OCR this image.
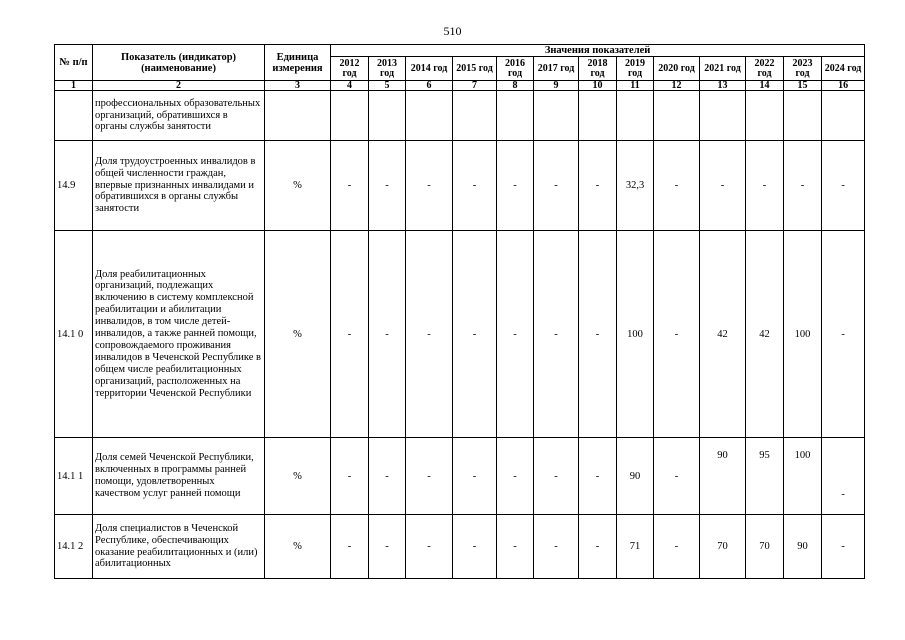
510
№ п/п	Показатель (индикатор) (наименование)	Единица измерения	Значения показателей												
			2012 год	2013 год	2014 год	2015 год	2016 год	2017 год	2018 год	2019 год	2020 год	2021 год	2022 год	2023 год	2024 год
1	2	3	4	5	6	7	8	9	10	11	12	13	14	15	16
	профессиональных образовательных организаций, обратившихся в органы службы занятости														
14.9	Доля трудоустроенных инвалидов в общей численности граждан, впервые признанных инвалидами и обратившихся в органы службы занятости	%	-	-	-	-	-	-	-	32,3	-	-	-	-	-
14.1 0	Доля реабилитационных организаций, подлежащих включению в систему комплексной реабилитации и абилитации инвалидов, в том числе детей-инвалидов, а также ранней помощи, сопровождаемого проживания инвалидов в Чеченской Республике в общем числе реабилитационных организаций, расположенных на территории Чеченской Республики	%	-	-	-	-	-	-	-	100	-	42	42	100	-
14.1 1	Доля семей Чеченской Республики, включенных в программы ранней помощи, удовлетворенных качеством услуг ранней помощи	%	-	-	-	-	-	-	-	90	-	90	95	100	-
14.1 2	Доля специалистов в Чеченской Республике, обеспечивающих оказание реабилитационных и (или) абилитационных	%	-	-	-	-	-	-	-	71	-	70	70	90	-
